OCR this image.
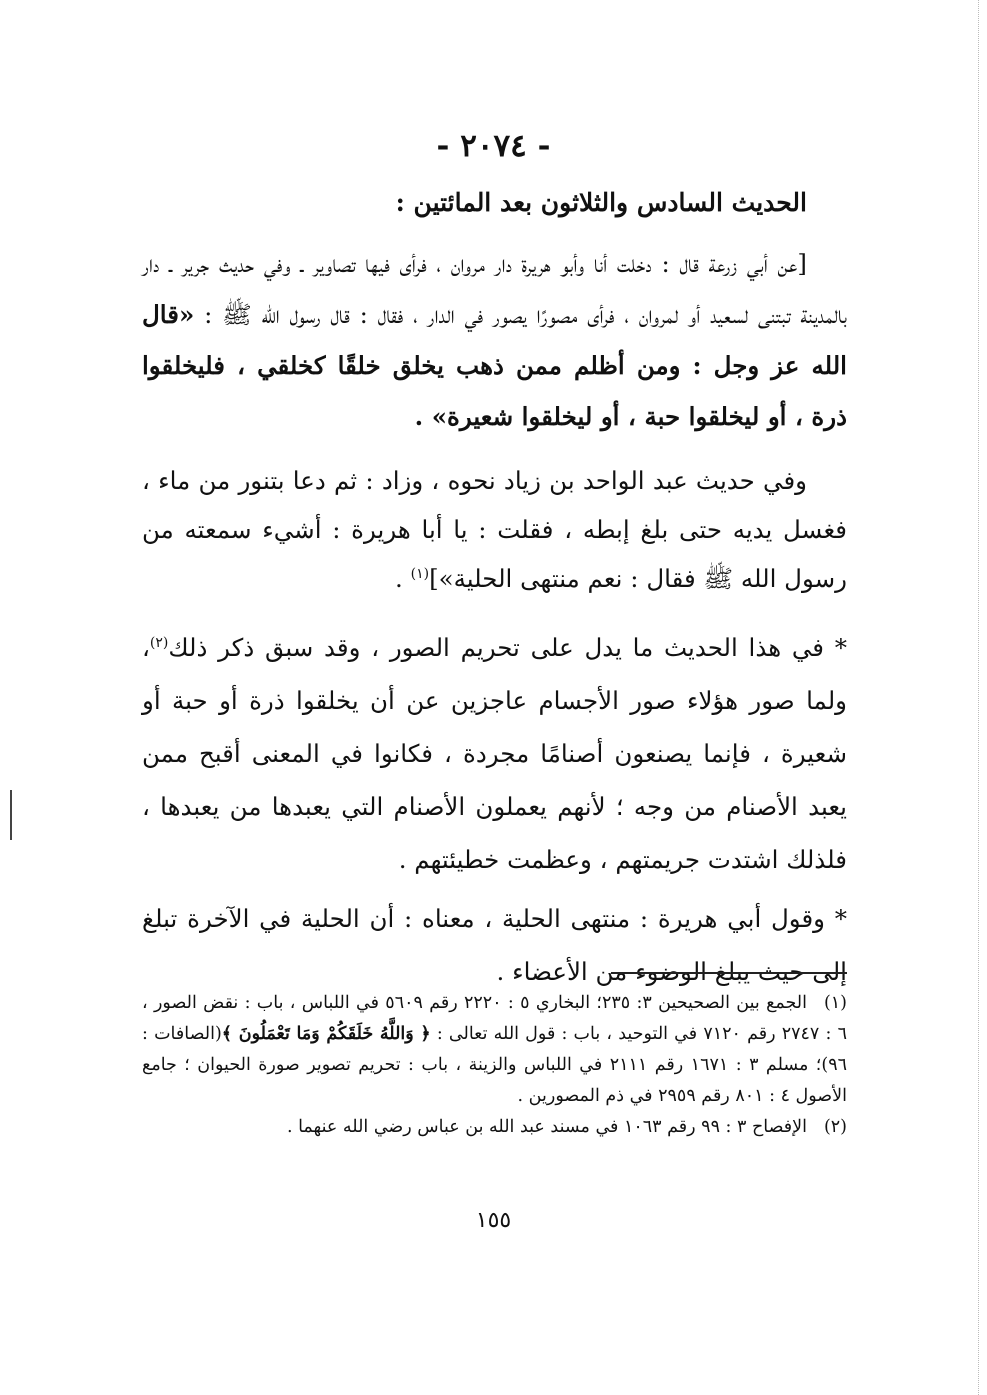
- ٢٠٧٤ -
الحديث السادس والثلاثون بعد المائتين :

[عن أبي زرعة قال : دخلت أنا وأبو هريرة دار مروان ، فرأى فيها تصاوير ـ وفي حديث جرير ـ دار بالمدينة تبتنى لسعيد أو لمروان ، فرأى مصورًا يصور في الدار ، فقال : قال رسول الله ﷺ : «قال الله عز وجل : ومن أظلم ممن ذهب يخلق خلقًا كخلقي ، فليخلقوا ذرة ، أو ليخلقوا حبة ، أو ليخلقوا شعيرة» .

وفي حديث عبد الواحد بن زياد نحوه ، وزاد : ثم دعا بتنور من ماء ، فغسل يديه حتى بلغ إبطه ، فقلت : يا أبا هريرة : أشيء سمعته من رسول الله ﷺ فقال : نعم منتهى الحلية»]$^{(١)}$ .

* في هذا الحديث ما يدل على تحريم الصور ، وقد سبق ذكر ذلك$^{(٢)}$، ولما صور هؤلاء صور الأجسام عاجزين عن أن يخلقوا ذرة أو حبة أو شعيرة ، فإنما يصنعون أصنامًا مجردة ، فكانوا في المعنى أقبح ممن يعبد الأصنام من وجه ؛ لأنهم يعملون الأصنام التي يعبدها من يعبدها ، فلذلك اشتدت جريمتهم ، وعظمت خطيئتهم .

* وقول أبي هريرة : منتهى الحلية ، معناه : أن الحلية في الآخرة تبلغ إلى حيث يبلغ الوضوء من الأعضاء .

(١)الجمع بين الصحيحين ٣: ٢٣٥؛ البخاري ٥ : ٢٢٢٠ رقم ٥٦٠٩ في اللباس ، باب : نقض الصور ، ٦ : ٢٧٤٧ رقم ٧١٢٠ في التوحيد ، باب : قول الله تعالى : ﴿ وَاللَّهُ خَلَقَكُمْ وَمَا تَعْمَلُونَ ﴾(الصافات : ٩٦)؛ مسلم ٣ : ١٦٧١ رقم ٢١١١ في اللباس والزينة ، باب : تحريم تصوير صورة الحيوان ؛ جامع الأصول ٤ : ٨٠١ رقم ٢٩٥٩ في ذم المصورين .

(٢)الإفصاح ٣ : ٩٩ رقم ١٠٦٣ في مسند عبد الله بن عباس رضي الله عنهما .

١٥٥
